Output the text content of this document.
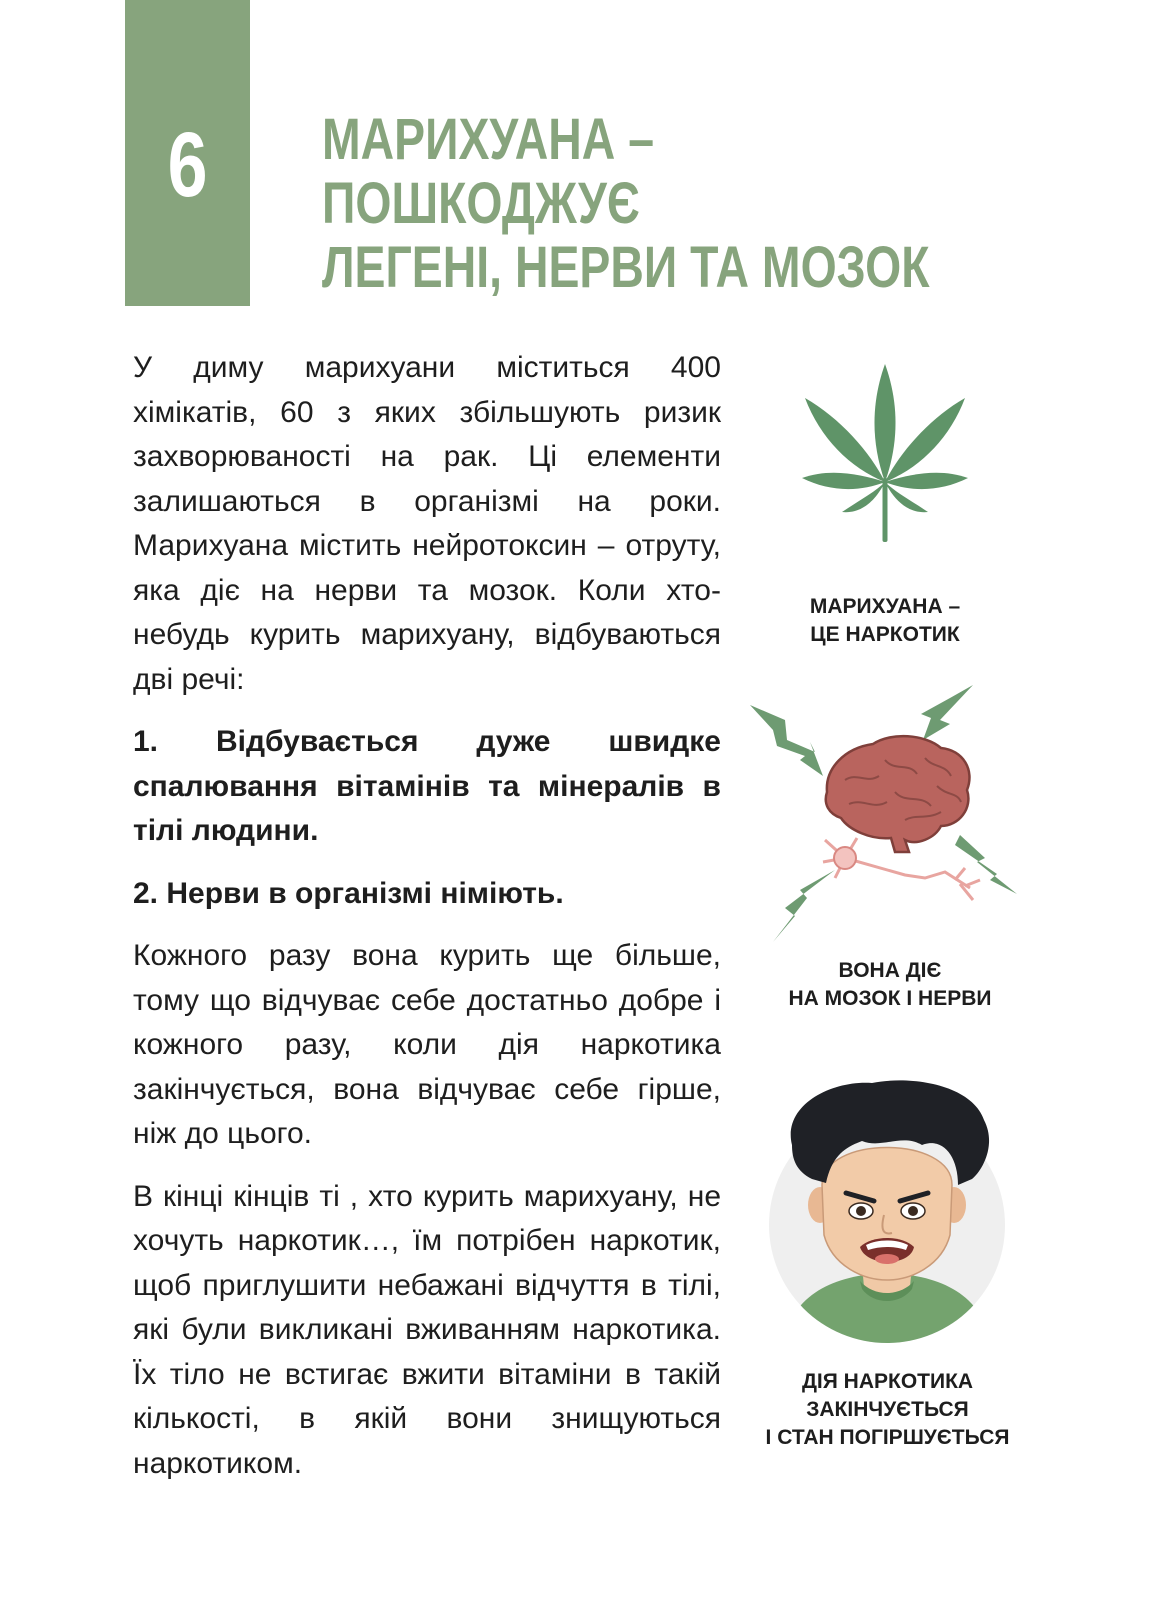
6 МАРИХУАНА –
ПОШКОДЖУЄ
ЛЕГЕНІ, НЕРВИ ТА МОЗОК

У диму марихуани міститься 400 хімікатів, 60 з яких збільшують ризик захворюваності на рак. Ці елементи залишаються в організмі на роки. Марихуана містить нейротоксин – отруту, яка діє на нерви та мозок. Коли хто-небудь курить марихуану, відбуваються дві речі:

1. Відбувається дуже швидке спалювання вітамінів та мінералів в тілі людини.

2. Нерви в організмі німіють.

Кожного разу вона курить ще більше, тому що відчуває себе достатньо добре і кожного разу, коли дія наркотика закінчується, вона відчуває себе гірше, ніж до цього.

В кінці кінців ті , хто курить марихуану, не хочуть наркотик…, їм потрібен наркотик, щоб приглушити небажані відчуття в тілі, які були викликані вживанням наркотика. Їх тіло не встигає вжити вітаміни в такій кількості, в якій вони знищуються наркотиком.

МАРИХУАНА –
ЦЕ НАРКОТИК
ВОНА ДІЄ
НА МОЗОК І НЕРВИ
ДІЯ НАРКОТИКА
ЗАКІНЧУЄТЬСЯ
І СТАН ПОГІРШУЄТЬСЯ
